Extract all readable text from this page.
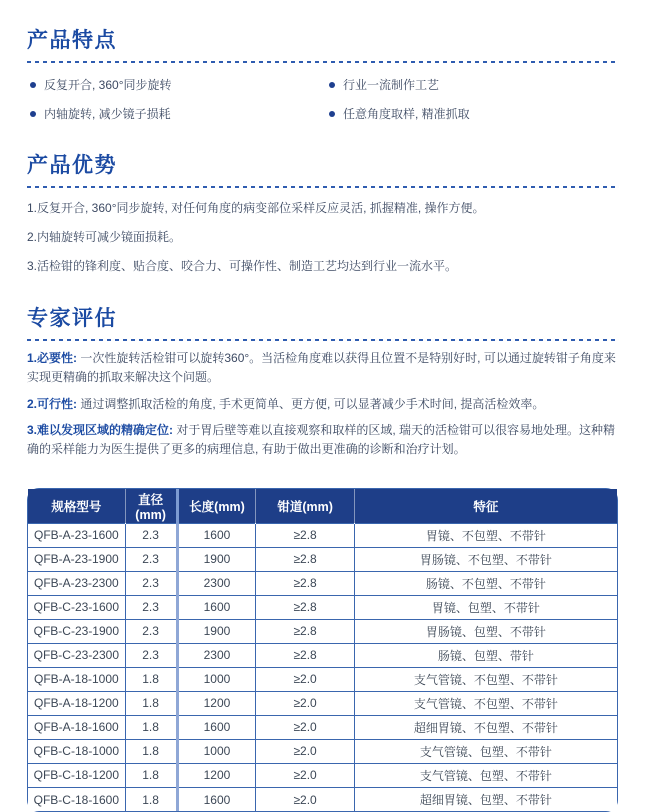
产品特点
反复开合, 360°同步旋转	行业一流制作工艺
内轴旋转, 减少镜子损耗	任意角度取样, 精准抓取
产品优势
1.反复开合, 360°同步旋转, 对任何角度的病变部位采样反应灵活, 抓握精准, 操作方便。
2.内轴旋转可减少镜面损耗。
3.活检钳的锋利度、贴合度、咬合力、可操作性、制造工艺均达到行业一流水平。
专家评估
1.必要性: 一次性旋转活检钳可以旋转360°。当活检角度难以获得且位置不是特别好时, 可以通过旋转钳子角度来实现更精确的抓取来解决这个问题。
2.可行性: 通过调整抓取活检的角度, 手术更简单、更方便, 可以显著减少手术时间, 提高活检效率。
3.难以发现区域的精确定位: 对于胃后壁等难以直接观察和取样的区域, 瑞天的活检钳可以很容易地处理。这种精确的采样能力为医生提供了更多的病理信息, 有助于做出更准确的诊断和治疗计划。
规格型号	直径(mm)	长度(mm)	钳道(mm)	特征
QFB-A-23-1600	2.3	1600	≥2.8	胃镜、不包塑、不带针
QFB-A-23-1900	2.3	1900	≥2.8	胃肠镜、不包塑、不带针
QFB-A-23-2300	2.3	2300	≥2.8	肠镜、不包塑、不带针
QFB-C-23-1600	2.3	1600	≥2.8	胃镜、包塑、不带针
QFB-C-23-1900	2.3	1900	≥2.8	胃肠镜、包塑、不带针
QFB-C-23-2300	2.3	2300	≥2.8	肠镜、包塑、带针
QFB-A-18-1000	1.8	1000	≥2.0	支气管镜、不包塑、不带针
QFB-A-18-1200	1.8	1200	≥2.0	支气管镜、不包塑、不带针
QFB-A-18-1600	1.8	1600	≥2.0	超细胃镜、不包塑、不带针
QFB-C-18-1000	1.8	1000	≥2.0	支气管镜、包塑、不带针
QFB-C-18-1200	1.8	1200	≥2.0	支气管镜、包塑、不带针
QFB-C-18-1600	1.8	1600	≥2.0	超细胃镜、包塑、不带针
